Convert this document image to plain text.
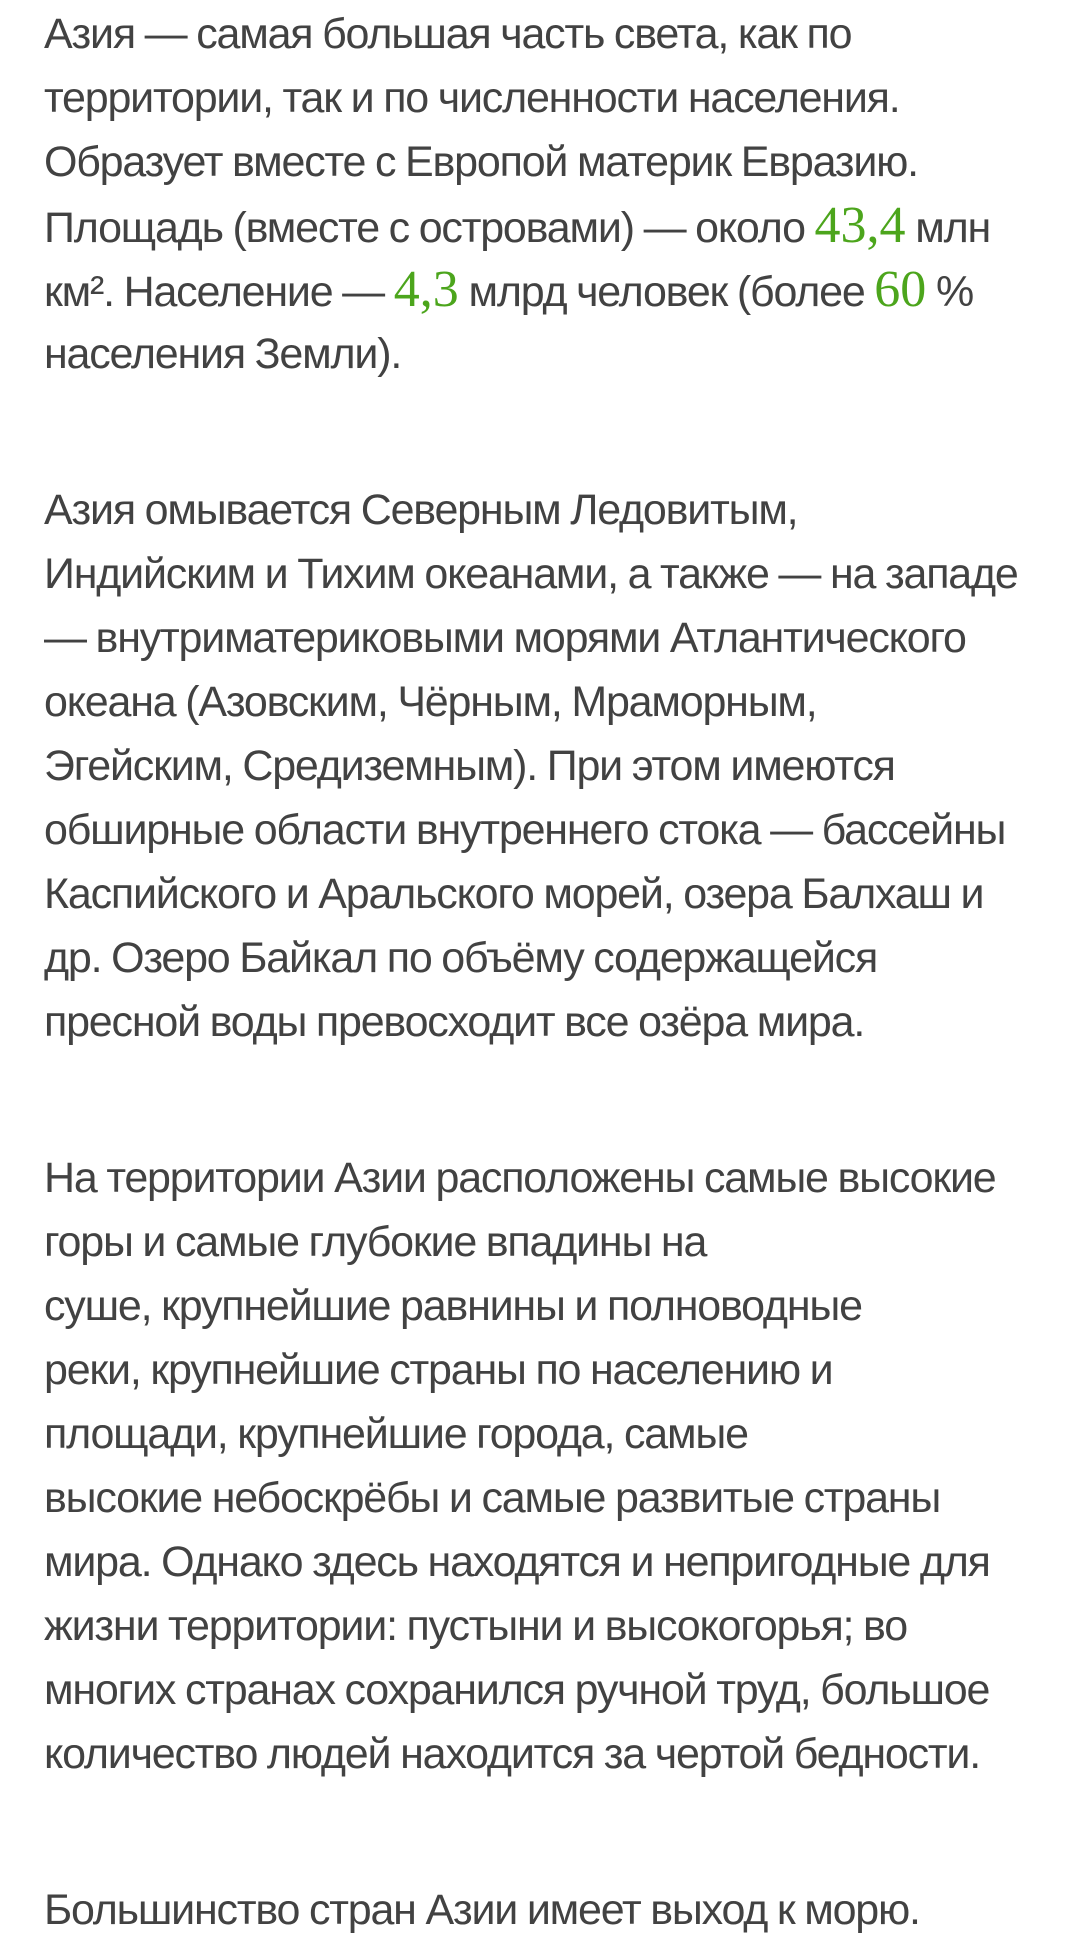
Азия — самая большая часть света, как по
территории, так и по численности населения.
Образует вместе с Европой материк Евразию.
Площадь (вместе с островами) — около 43,4 млн
км². Население — 4,3 млрд человек (более 60 %
населения Земли).

Азия омывается Северным Ледовитым,
Индийским и Тихим океанами, а также — на западе
— внутриматериковыми морями Атлантического
океана (Азовским, Чёрным, Мраморным,
Эгейским, Средиземным). При этом имеются
обширные области внутреннего стока — бассейны
Каспийского и Аральского морей, озера Балхаш и
др. Озеро Байкал по объёму содержащейся
пресной воды превосходит все озёра мира.

На территории Азии расположены самые высокие
горы и самые глубокие впадины на
суше, крупнейшие равнины и полноводные
реки, крупнейшие страны по населению и
площади, крупнейшие города, самые
высокие небоскрёбы и самые развитые страны
мира. Однако здесь находятся и непригодные для
жизни территории: пустыни и высокогорья; во
многих странах сохранился ручной труд, большое
количество людей находится за чертой бедности.

Большинство стран Азии имеет выход к морю.
